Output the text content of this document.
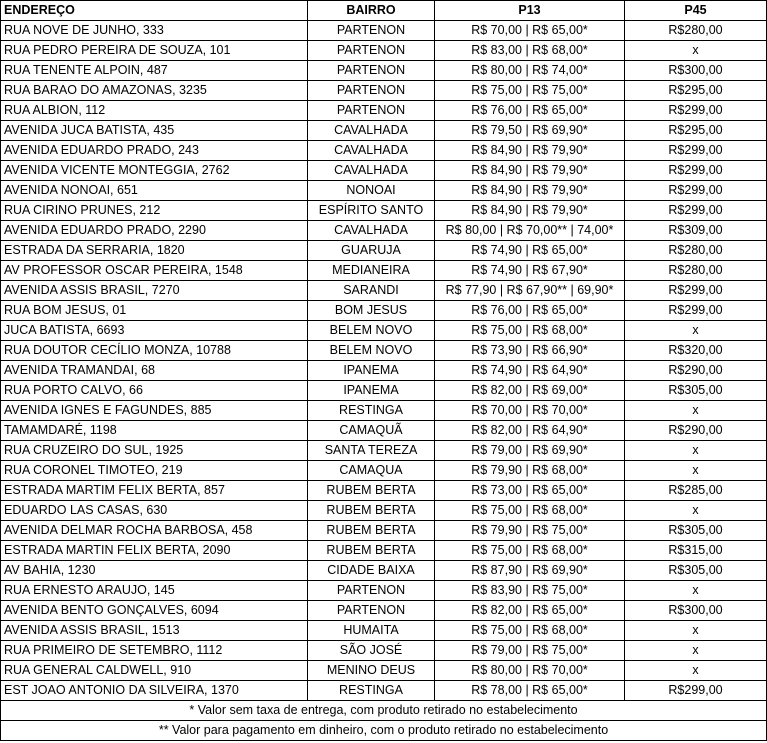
ENDEREÇO	BAIRRO	P13	P45
RUA NOVE DE JUNHO, 333	PARTENON	R$ 70,00 | R$ 65,00*	R$280,00
RUA PEDRO PEREIRA DE SOUZA, 101	PARTENON	R$ 83,00 | R$ 68,00*	x
RUA TENENTE ALPOIN, 487	PARTENON	R$ 80,00 | R$ 74,00*	R$300,00
RUA BARAO DO AMAZONAS, 3235	PARTENON	R$ 75,00 | R$ 75,00*	R$295,00
RUA ALBION, 112	PARTENON	R$ 76,00 | R$ 65,00*	R$299,00
AVENIDA JUCA BATISTA, 435	CAVALHADA	R$ 79,50 | R$ 69,90*	R$295,00
AVENIDA EDUARDO PRADO, 243	CAVALHADA	R$ 84,90 | R$ 79,90*	R$299,00
AVENIDA VICENTE MONTEGGIA, 2762	CAVALHADA	R$ 84,90 | R$ 79,90*	R$299,00
AVENIDA NONOAI, 651	NONOAI	R$ 84,90 | R$ 79,90*	R$299,00
RUA CIRINO PRUNES, 212	ESPÍRITO SANTO	R$ 84,90 | R$ 79,90*	R$299,00
AVENIDA EDUARDO PRADO, 2290	CAVALHADA	R$ 80,00 | R$ 70,00** | 74,00*	R$309,00
ESTRADA DA SERRARIA, 1820	GUARUJA	R$ 74,90 | R$ 65,00*	R$280,00
AV PROFESSOR OSCAR PEREIRA, 1548	MEDIANEIRA	R$ 74,90 | R$ 67,90*	R$280,00
AVENIDA ASSIS BRASIL, 7270	SARANDI	R$ 77,90 | R$ 67,90** | 69,90*	R$299,00
RUA BOM JESUS, 01	BOM JESUS	R$ 76,00 | R$ 65,00*	R$299,00
JUCA BATISTA, 6693	BELEM NOVO	R$ 75,00 | R$ 68,00*	x
RUA DOUTOR CECÍLIO MONZA, 10788	BELEM NOVO	R$ 73,90 | R$ 66,90*	R$320,00
AVENIDA TRAMANDAI, 68	IPANEMA	R$ 74,90 | R$ 64,90*	R$290,00
RUA PORTO CALVO, 66	IPANEMA	R$ 82,00 | R$ 69,00*	R$305,00
AVENIDA IGNES E FAGUNDES, 885	RESTINGA	R$ 70,00 | R$ 70,00*	x
TAMAMDARÉ, 1198	CAMAQUÃ	R$ 82,00 | R$ 64,90*	R$290,00
RUA CRUZEIRO DO SUL, 1925	SANTA TEREZA	R$ 79,00 | R$ 69,90*	x
RUA CORONEL TIMOTEO, 219	CAMAQUA	R$ 79,90 | R$ 68,00*	x
ESTRADA MARTIM FELIX BERTA, 857	RUBEM BERTA	R$ 73,00 | R$ 65,00*	R$285,00
EDUARDO LAS CASAS, 630	RUBEM BERTA	R$ 75,00 | R$ 68,00*	x
AVENIDA DELMAR ROCHA BARBOSA, 458	RUBEM BERTA	R$ 79,90 | R$ 75,00*	R$305,00
ESTRADA MARTIN FELIX BERTA, 2090	RUBEM BERTA	R$ 75,00 | R$ 68,00*	R$315,00
AV BAHIA, 1230	CIDADE BAIXA	R$ 87,90 | R$ 69,90*	R$305,00
RUA ERNESTO ARAUJO, 145	PARTENON	R$ 83,90 | R$ 75,00*	x
AVENIDA BENTO GONÇALVES, 6094	PARTENON	R$ 82,00 | R$ 65,00*	R$300,00
AVENIDA ASSIS BRASIL, 1513	HUMAITA	R$ 75,00 | R$ 68,00*	x
RUA PRIMEIRO DE SETEMBRO, 1112	SÃO JOSÉ	R$ 79,00 | R$ 75,00*	x
RUA GENERAL CALDWELL, 910	MENINO DEUS	R$ 80,00 | R$ 70,00*	x
EST JOAO ANTONIO DA SILVEIRA, 1370	RESTINGA	R$ 78,00 | R$ 65,00*	R$299,00
* Valor sem taxa de entrega, com produto retirado no estabelecimento			
** Valor para pagamento em dinheiro, com o produto retirado no estabelecimento			
